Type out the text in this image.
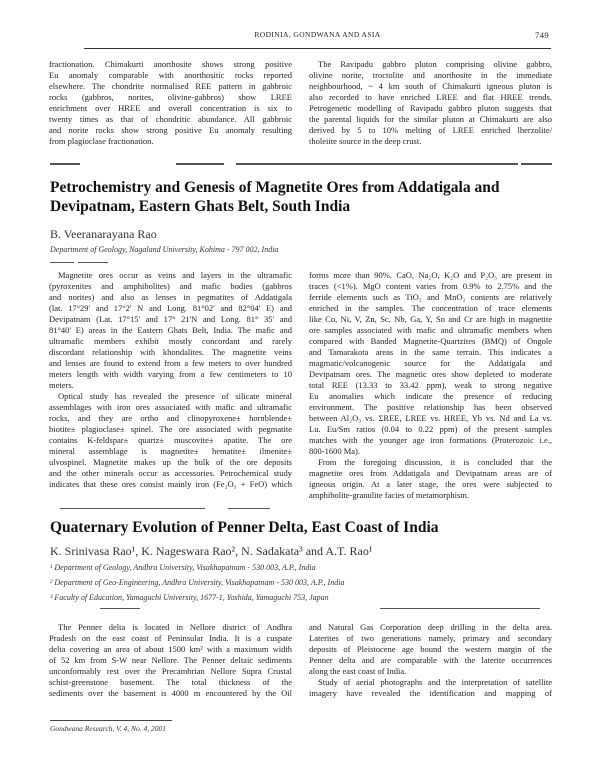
RODINIA, GONDWANA AND ASIA	749
fractionation. Chimakurti anorthosite shows strong positive
Eu anomaly comparable with anorthositic rocks reported
elsewhere. The chondrite normalised REE pattern in gabbroic
rocks (gabbros, norites, olivine-gabbros) show LREE
enrichment over HREE and overall concentration is six to
twenty times as that of chondritic abundance. All gabbroic
and norite rocks show strong positive Eu anomaly resulting
from plagioclase fractionation.
The Ravipadu gabbro pluton comprising olivine gabbro,
olivine norite, troctolite and anorthosite in the immediate
neighbourhood, ~ 4 km south of Chimakurti igneous pluton is
also recorded to have enriched LREE and flat HREE trends.
Petrogenetic modelling of Ravipadu gabbro pluton suggests that
the parental liquids for the similar pluton at Chimakurti are also
derived by 5 to 10% melting of LREE enriched lherzolite/
tholeiite source in the deep crust.
Petrochemistry and Genesis of Magnetite Ores from Addatigala and
Devipatnam, Eastern Ghats Belt, South India
B. Veeranarayana Rao
Department of Geology, Nagaland University, Kohima - 797 002, India
Magnetite ores occur as veins and layers in the ultramafic
(pyroxenites and amphibolites) and mafic bodies (gabbros
and norites) and also as lenses in pegmatites of Addatigala
(lat. 17°29' and 17°2' N and Long. 81°02' and 82°04' E) and
Devipatnam (Lat. 17°15' and 17° 21'N and Long. 81° 35' and
81°40' E) areas in the Eastern Ghats Belt, India. The mafic and
ultramafic members exhibit mostly concordant and rarely
discordant relationship with khondalites. The magnetite veins
and lenses are found to extend from a few meters to over hundred
meters length with width varying from a few centimeters to 10
meters.
Optical study has revealed the presence of silicate mineral
assemblages with iron ores associated with mafic and ultramafic
rocks, and they are ortho and clinopyroxene± hornblende±
biotite± plagioclase± spinel. The ore associated with pegmatite
contains K-feldspar± quartz± muscovite± apatite. The ore
mineral assemblage is magnetite± hematite± ilmenite±
ulvospinel. Magnetite makes up the bulk of the ore deposits
and the other minerals occur as accessories. Petrochemical study
indicates that these ores consist mainly iron (Fe₂O₃ + FeO) which
forms more than 90%. CaO, Na₂O, K₂O and P₂O₅ are present in
traces (<1%). MgO content varies from 0.9% to 2.75% and the
ferride elements such as TiO₂ and MnO₂ contents are relatively
enriched in the samples. The concentration of trace elements
like Co, Ni, V, Zn, Sc, Nb, Ga, Y, Sn and Cr are high in magnetite
ore samples associated with mafic and ultramafic members when
compared with Banded Magnetite-Quartzites (BMQ) of Ongole
and Tamarakota areas in the same terrain. This indicates a
magmatic/volcanogenic source for the Addatigala and
Devipatnam ores. The magnetic ores show depleted to moderate
total REE (13.33 to 33.42 ppm), weak to strong negative
Eu anomalies which indicate the presence of reducing
environment. The positive relationship has been observed
between Al₂O₃ vs. ΣREE, LREE vs. HREE, Yb vs. Nd and La vs.
Lu. Eu/Sm ratios (0.04 to 0.22 ppm) of the present samples
matches with the younger age iron formations (Proterozoic i.e.,
800-1600 Ma).
From the foregoing discussion, it is concluded that the
magnetite ores from Addatigala and Devipatnam areas are of
igneous origin. At a later stage, the ores were subjected to
amphibolite-granulite facies of metamorphism.
Quaternary Evolution of Penner Delta, East Coast of India
K. Srinivasa Rao¹, K. Nageswara Rao², N. Sadakata³ and A.T. Rao¹
¹ Department of Geology, Andhra University, Visakhapatnam - 530 003, A.P., India
² Department of Geo-Engineering, Andhra University, Visakhapatnam - 530 003, A.P., India
³ Faculty of Education, Yamaguchi University, 1677-1, Yoshida, Yamaguchi 753, Japan
The Penner delta is located in Nellore district of Andhra
Pradesh on the east coast of Peninsular India. It is a cuspate
delta covering an area of about 1500 km² with a maximum width
of 52 km from S-W near Nellore. The Penner deltaic sediments
unconformably rest over the Precambrian Nellore Supra Crustal
schist-greenstone basement. The total thickness of the
sediments over the basement is 4000 m encountered by the Oil
and Natural Gas Corporation deep drilling in the delta area.
Laterites of two generations namely, primary and secondary
deposits of Pleistocene age bound the western margin of the
Penner delta and are comparable with the laterite occurrences
along the east coast of India.
Study of aerial photographs and the interpretation of satellite
imagery have revealed the identification and mapping of
Gondwana Research, V. 4, No. 4, 2001
